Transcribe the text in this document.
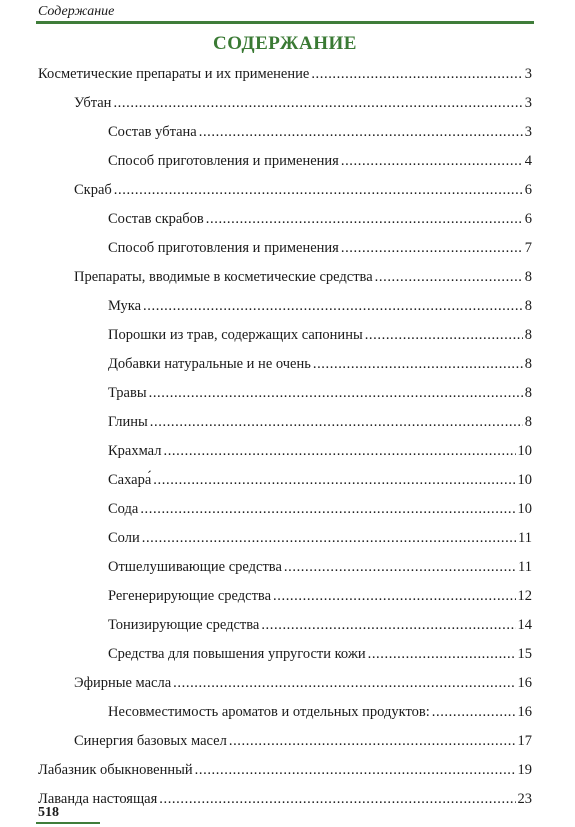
Содержание
СОДЕРЖАНИЕ
Косметические препараты и их применение .....	3
Убтан .....	3
Состав убтана .....	3
Способ приготовления и применения .....	4
Скраб .....	6
Состав скрабов .....	6
Способ приготовления и применения .....	7
Препараты, вводимые в косметические средства .....	8
Мука .....	8
Порошки из трав, содержащих сапонины .....	8
Добавки натуральные и не очень .....	8
Травы .....	8
Глины .....	8
Крахмал .....	10
Сахара́ .....	10
Сода .....	10
Соли .....	11
Отшелушивающие средства .....	11
Регенерирующие средства .....	12
Тонизирующие средства .....	14
Средства для повышения упругости кожи .....	15
Эфирные масла .....	16
Несовместимость ароматов и отдельных продуктов: .....	16
Синергия базовых масел .....	17
Лабазник обыкновенный .....	19
Лаванда настоящая .....	23
518
